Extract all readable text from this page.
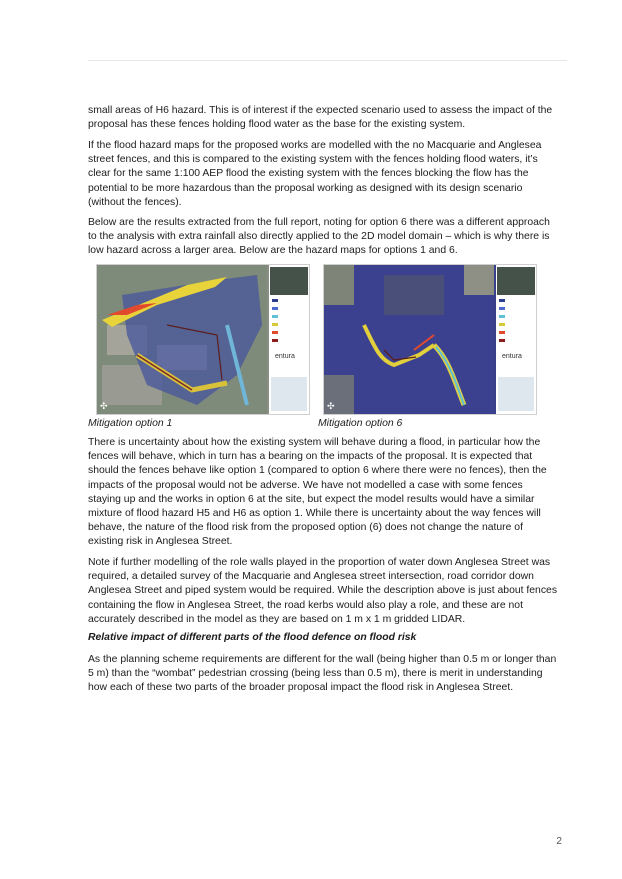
small areas of H6 hazard. This is of interest if the expected scenario used to assess the impact of the proposal has these fences holding flood water as the base for the existing system.

If the flood hazard maps for the proposed works are modelled with the no Macquarie and Anglesea street fences, and this is compared to the existing system with the fences holding flood waters, it’s clear for the same 1:100 AEP flood the existing system with the fences blocking the flow has the potential to be more hazardous than the proposal working as designed with its design scenario (without the fences).

Below are the results extracted from the full report, noting for option 6 there was a different approach to the analysis with extra rainfall also directly applied to the 2D model domain – which is why there is low hazard across a larger area. Below are the hazard maps for options 1 and 6.

entura
✣
entura
✣
Mitigation option 1	Mitigation option 6

There is uncertainty about how the existing system will behave during a flood, in particular how the fences will behave, which in turn has a bearing on the impacts of the proposal. It is expected that should the fences behave like option 1 (compared to option 6 where there were no fences), then the impacts of the proposal would not be adverse. We have not modelled a case with some fences staying up and the works in option 6 at the site, but expect the model results would have a similar mixture of flood hazard H5 and H6 as option 1. While there is uncertainty about the way fences will behave, the nature of the flood risk from the proposed option (6) does not change the nature of existing risk in Anglesea Street.

Note if further modelling of the role walls played in the proportion of water down Anglesea Street was required, a detailed survey of the Macquarie and Anglesea street intersection, road corridor down Anglesea Street and piped system would be required. While the description above is just about fences containing the flow in Anglesea Street, the road kerbs would also play a role, and these are not accurately described in the model as they are based on 1 m x 1 m gridded LIDAR.

Relative impact of different parts of the flood defence on flood risk

As the planning scheme requirements are different for the wall (being higher than 0.5 m or longer than 5 m) than the “wombat” pedestrian crossing (being less than 0.5 m), there is merit in understanding how each of these two parts of the broader proposal impact the flood risk in Anglesea Street.

2
